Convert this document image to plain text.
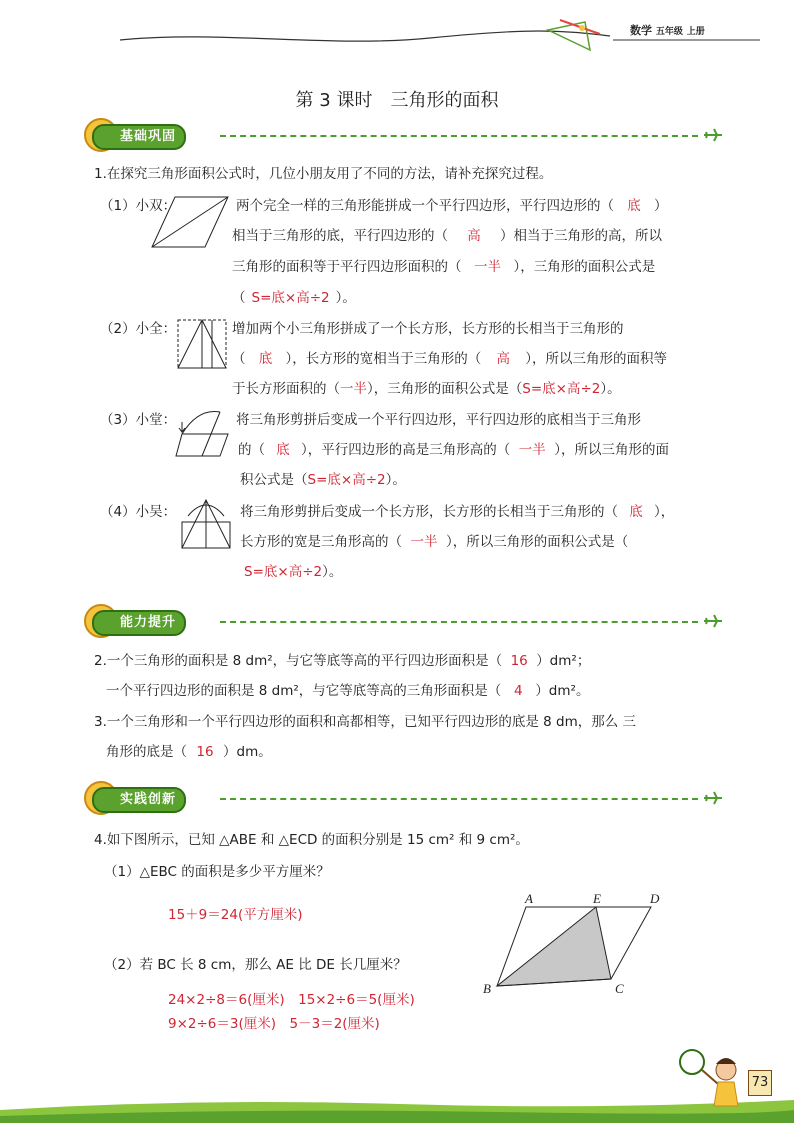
数学 五年级 上册
第 3 课时　三角形的面积
基础巩固
1.在探究三角形面积公式时，几位小朋友用了不同的方法，请补充探究过程。
（1）小双：	两个完全一样的三角形能拼成一个平行四边形，平行四边形的（ 底 ）
相当于三角形的底，平行四边形的（ 高 ）相当于三角形的高，所以
三角形的面积等于平行四边形面积的（ 一半 ），三角形的面积公式是
（ S=底×高÷2 ）。
（2）小全：	增加两个小三角形拼成了一个长方形，长方形的长相当于三角形的
（ 底 ），长方形的宽相当于三角形的（ 高 ），所以三角形的面积等
于长方形面积的（一半），三角形的面积公式是（S=底×高÷2）。
（3）小堂：	将三角形剪拼后变成一个平行四边形，平行四边形的底相当于三角形
的（ 底 ），平行四边形的高是三角形高的（ 一半 ），所以三角形的面
积公式是（S=底×高÷2）。
（4）小吴：	将三角形剪拼后变成一个长方形，长方形的长相当于三角形的（ 底 ），
长方形的宽是三角形高的（ 一半 ），所以三角形的面积公式是（
S=底×高÷2）。
能力提升
2.一个三角形的面积是 8 dm²，与它等底等高的平行四边形面积是（ 16 ）dm²；
一个平行四边形的面积是 8 dm²，与它等底等高的三角形面积是（ 4 ）dm²。
3.一个三角形和一个平行四边形的面积和高都相等，已知平行四边形的底是 8 dm，那么 三
角形的底是（ 16 ）dm。
实践创新
4.如下图所示，已知 △ABE 和 △ECD 的面积分别是 15 cm² 和 9 cm²。
（1）△EBC 的面积是多少平方厘米？
15＋9＝24(平方厘米)
（2）若 BC 长 8 cm，那么 AE 比 DE 长几厘米？
24×2÷8＝6(厘米)　15×2÷6＝5(厘米)
9×2÷6＝3(厘米)　5－3＝2(厘米)
A	E	D
B	C
73
